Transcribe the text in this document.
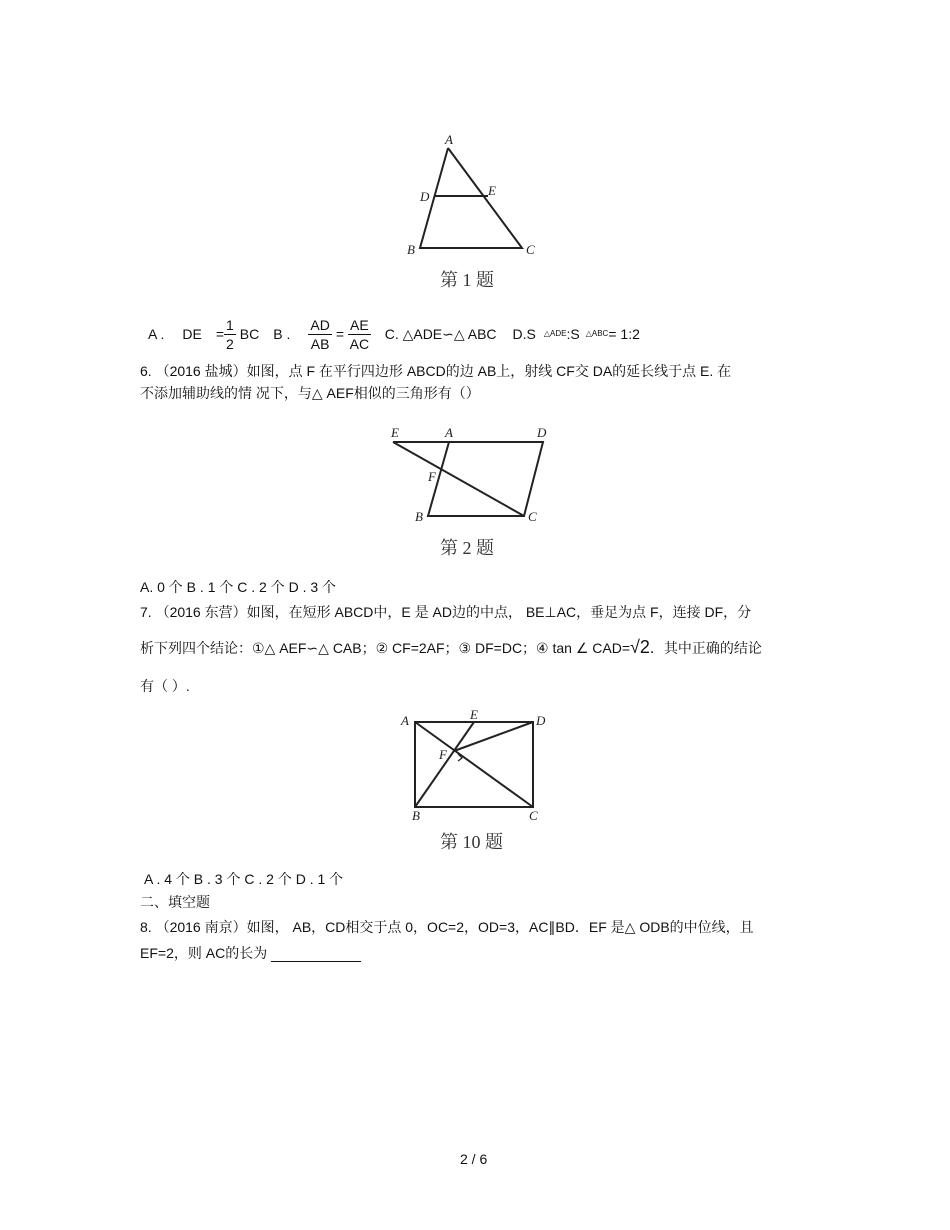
A
D	E
B	C
第 1 题
A . DE = $\frac{1}{2}$ BC B . $\frac{AD}{AB} = \frac{AE}{AC} C$. △ADE∽△ ABC D.S △ADE :S △ABC = 1:2
6. （2016 盐城）如图，点 F 在平行四边形 ABCD的边 AB上，射线 CF交 DA的延长线于点 E. 在
不添加辅助线的情 况下，与△ AEF相似的三角形有（）
E	A	D
F
B	C
第 2 题
A. 0 个 B . 1 个 C . 2 个 D . 3 个
7. （2016 东营）如图，在短形 ABCD中，E 是 AD边的中点， BE⊥AC，垂足为点 F，连接 DF，分
析下列四个结论：①△ AEF∽△ CAB；② CF=2AF；③ DF=DC；④ tan ∠ CAD=√2．其中正确的结论
有（ ）.
A	E	D
F
B	C
第 10 题
A . 4 个 B . 3 个 C . 2 个 D . 1 个
二、填空题
8. （2016 南京）如图， AB，CD相交于点 0，OC=2，OD=3，AC∥BD．EF 是△ ODB的中位线，且
EF=2，则 AC的长为
2 / 6
